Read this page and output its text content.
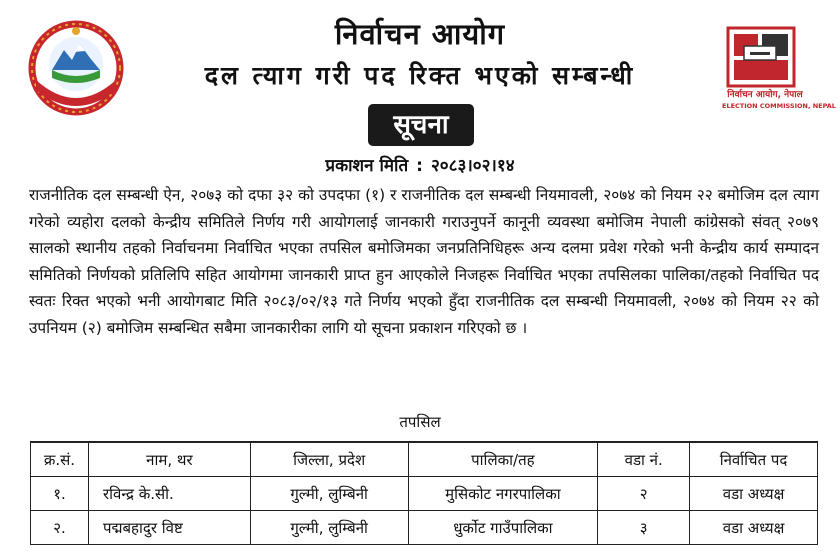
निर्वाचन आयोग, नेपाल
ELECTION COMMISSION, NEPAL
निर्वाचन आयोग
दल त्याग गरी पद रिक्त भएको सम्बन्धी
सूचना
प्रकाशन मिति : २०८३।०२।१४
राजनीतिक दल सम्बन्धी ऐन, २०७३ को दफा ३२ को उपदफा (१) र राजनीतिक दल सम्बन्धी नियमावली, २०७४ को नियम २२ बमोजिम दल त्याग गरेको व्यहोरा दलको केन्द्रीय समितिले निर्णय गरी आयोगलाई जानकारी गराउनुपर्ने कानूनी व्यवस्था बमोजिम नेपाली कांग्रेसको संवत् २०७९ सालको स्थानीय तहको निर्वाचनमा निर्वाचित भएका तपसिल बमोजिमका जनप्रतिनिधिहरू अन्य दलमा प्रवेश गरेको भनी केन्द्रीय कार्य सम्पादन समितिको निर्णयको प्रतिलिपि सहित आयोगमा जानकारी प्राप्त हुन आएकोले निजहरू निर्वाचित भएका तपसिलका पालिका/तहको निर्वाचित पद स्वतः रिक्त भएको भनी आयोगबाट मिति २०८३/०२/१३ गते निर्णय भएको हुँदा राजनीतिक दल सम्बन्धी नियमावली, २०७४ को नियम २२ को उपनियम (२) बमोजिम सम्बन्धित सबैमा जानकारीका लागि यो सूचना प्रकाशन गरिएको छ ।
तपसिल
क्र.सं.	नाम, थर	जिल्ला, प्रदेश	पालिका/तह	वडा नं.	निर्वाचित पद
१.	रविन्द्र के.सी.	गुल्मी, लुम्बिनी	मुसिकोट नगरपालिका	२	वडा अध्यक्ष
२.	पद्मबहादुर विष्ट	गुल्मी, लुम्बिनी	धुर्कोट गाउँपालिका	३	वडा अध्यक्ष
